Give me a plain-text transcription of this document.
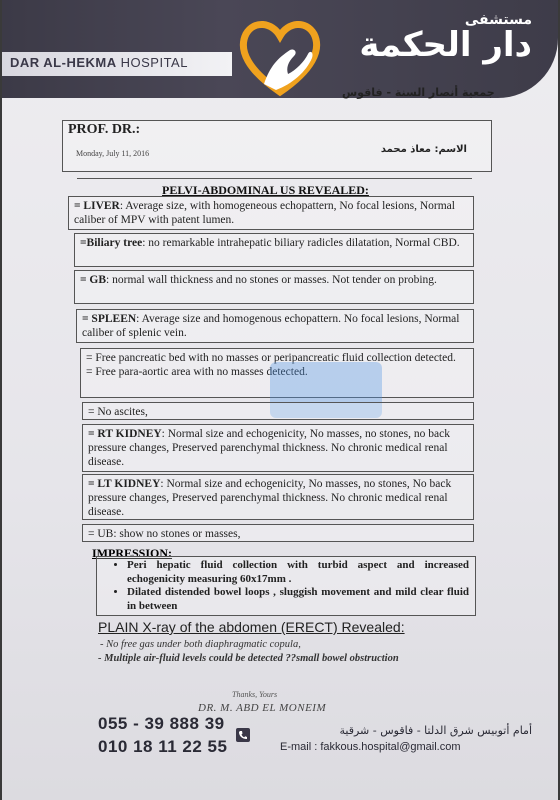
DAR AL-HEKMA HOSPITAL
مستشفى
دار الحكمة
جمعية أنصار السنة - فاقوس
PROF. DR.:
Monday, July 11, 2016	الاسم: معاذ محمد
PELVI-ABDOMINAL US REVEALED:
= LIVER: Average size, with homogeneous echopattern, No focal lesions, Normal caliber of MPV with patent lumen.
=Biliary tree: no remarkable intrahepatic biliary radicles dilatation, Normal CBD.
= GB: normal wall thickness and no stones or masses. Not tender on probing.
= SPLEEN: Average size and homogenous echopattern. No focal lesions, Normal caliber of splenic vein.
= Free pancreatic bed with no masses or peripancreatic fluid collection detected.
= Free para-aortic area with no masses detected.
= No ascites,
= RT KIDNEY: Normal size and echogenicity, No masses, no stones, no back pressure changes, Preserved parenchymal thickness. No chronic medical renal disease.
= LT KIDNEY: Normal size and echogenicity, No masses, no stones, No back pressure changes, Preserved parenchymal thickness. No chronic medical renal disease.
= UB: show no stones or masses,
IMPRESSION:
• Peri hepatic fluid collection with turbid aspect and increased echogenicity measuring 60x17mm .
• Dilated distended bowel loops , sluggish movement and mild clear fluid in between
PLAIN X-ray of the abdomen (ERECT) Revealed:
- No free gas under both diaphragmatic copula,
- Multiple air-fluid levels could be detected ??small bowel obstruction
Thanks, Yours
DR. M. ABD EL MONEIM
055 - 39 888 39
010 18 11 22 55
أمام أتوبيس شرق الدلتا - فاقوس - شرقية
E-mail : fakkous.hospital@gmail.com
